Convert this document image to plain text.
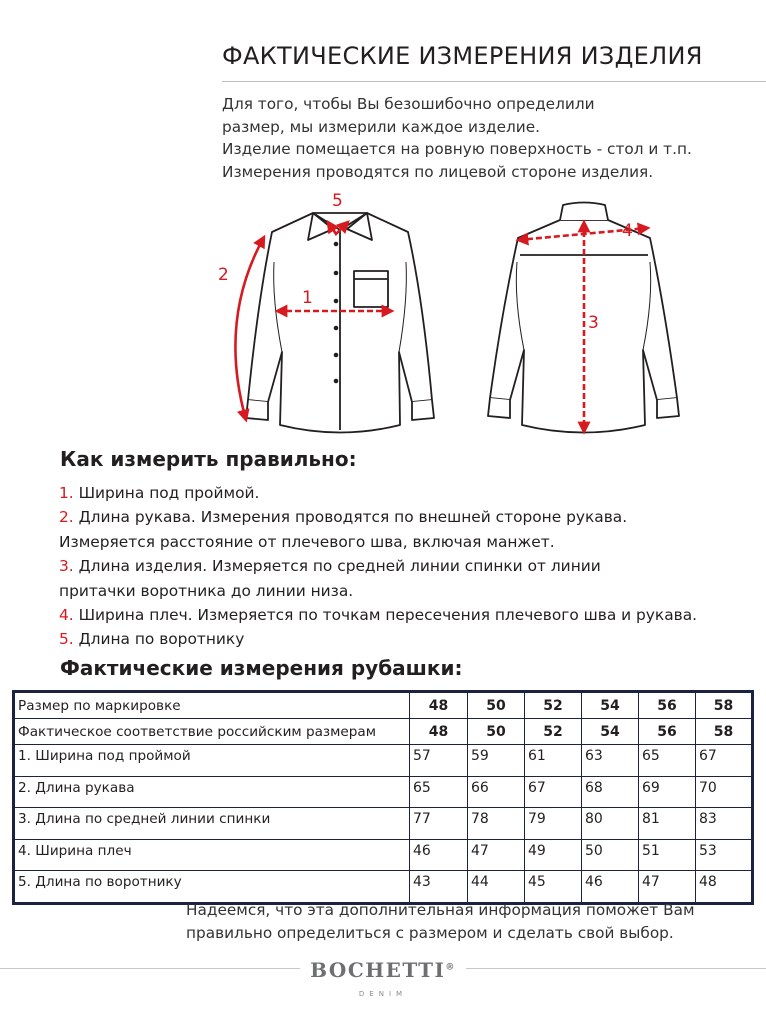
ФАКТИЧЕСКИЕ ИЗМЕРЕНИЯ ИЗДЕЛИЯ
Для того, чтобы Вы безошибочно определили
размер, мы измерили каждое изделие.
Изделие помещается на ровную поверхность - стол и т.п.
Измерения проводятся по лицевой стороне изделия.
1
2
5
3
4
Как измерить правильно:
1. Ширина под проймой.
2. Длина рукава. Измерения проводятся по внешней стороне рукава.
Измеряется расстояние от плечевого шва, включая манжет.
3. Длина изделия. Измеряется по средней линии спинки от линии
притачки воротника до линии низа.
4. Ширина плеч. Измеряется по точкам пересечения плечевого шва и рукава.
5. Длина по воротнику
Фактические измерения рубашки:
Размер по маркировке	48	50	52	54	56	58
Фактическое соответствие российским размерам	48	50	52	54	56	58
1. Ширина под проймой	57	59	61	63	65	67
2. Длина рукава	65	66	67	68	69	70
3. Длина по средней линии спинки	77	78	79	80	81	83
4. Ширина плеч	46	47	49	50	51	53
5. Длина по воротнику	43	44	45	46	47	48
Надеемся, что эта дополнительная информация поможет Вам
правильно определиться с размером и сделать свой выбор.
BOCHETTI®
DENIM
